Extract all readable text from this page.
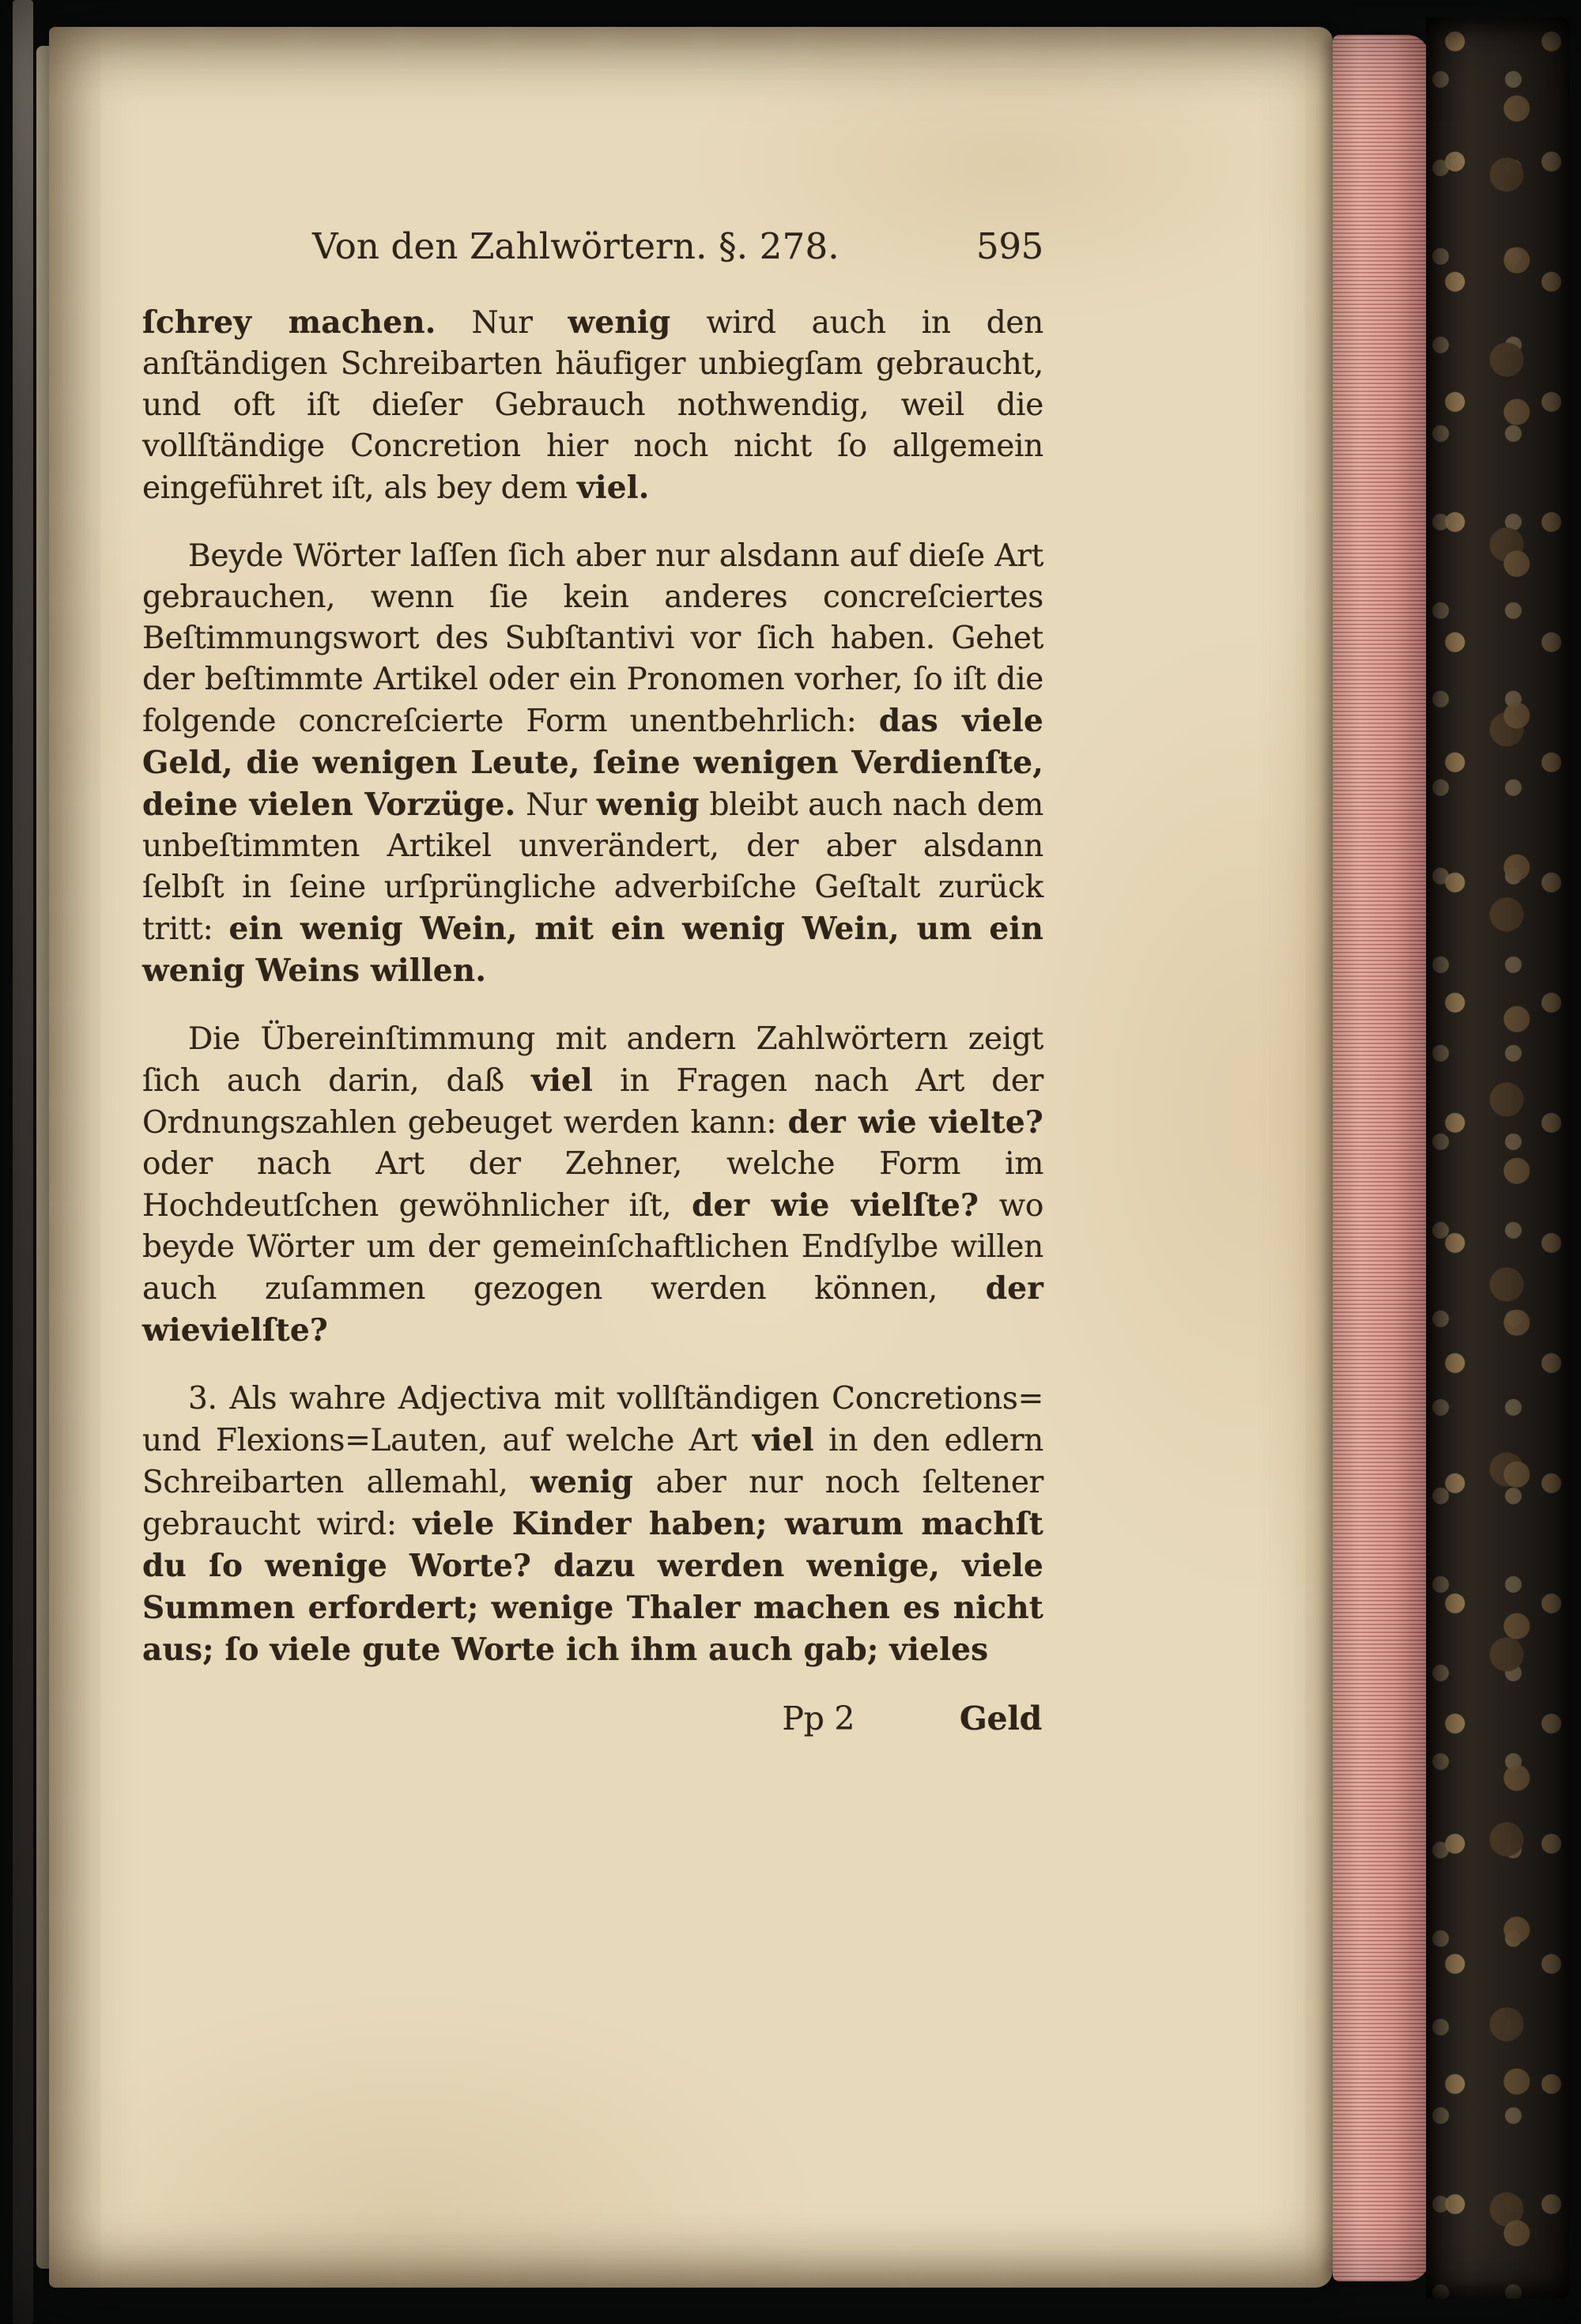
Von den Zahlwörtern. §. 278.	595

ſchrey machen. Nur wenig wird auch in den anſtändigen Schreibarten häufiger unbiegſam gebraucht, und oft iſt dieſer Gebrauch nothwendig, weil die vollſtändige Concretion hier noch nicht ſo allgemein eingeführet iſt, als bey dem viel.

Beyde Wörter laſſen ſich aber nur alsdann auf dieſe Art gebrauchen, wenn ſie kein anderes concreſciertes Beſtimmungswort des Subſtantivi vor ſich haben. Gehet der beſtimmte Artikel oder ein Pronomen vorher, ſo iſt die folgende concreſcierte Form unentbehrlich: das viele Geld, die wenigen Leute, ſeine wenigen Verdienſte, deine vielen Vorzüge. Nur wenig bleibt auch nach dem unbeſtimmten Artikel unverändert, der aber alsdann ſelbſt in ſeine urſprüngliche adverbiſche Geſtalt zurück tritt: ein wenig Wein, mit ein wenig Wein, um ein wenig Weins willen.

Die Übereinſtimmung mit andern Zahlwörtern zeigt ſich auch darin, daß viel in Fragen nach Art der Ordnungszahlen gebeuget werden kann: der wie vielte? oder nach Art der Zehner, welche Form im Hochdeutſchen gewöhnlicher iſt, der wie vielſte? wo beyde Wörter um der gemeinſchaftlichen Endſylbe willen auch zuſammen gezogen werden können, der wievielſte?

3. Als wahre Adjectiva mit vollſtändigen Concretions= und Flexions=Lauten, auf welche Art viel in den edlern Schreibarten allemahl, wenig aber nur noch ſeltener gebraucht wird: viele Kinder haben; warum machſt du ſo wenige Worte? dazu werden wenige, viele Summen erfordert; wenige Thaler machen es nicht aus; ſo viele gute Worte ich ihm auch gab; vieles

Pp 2	Geld
